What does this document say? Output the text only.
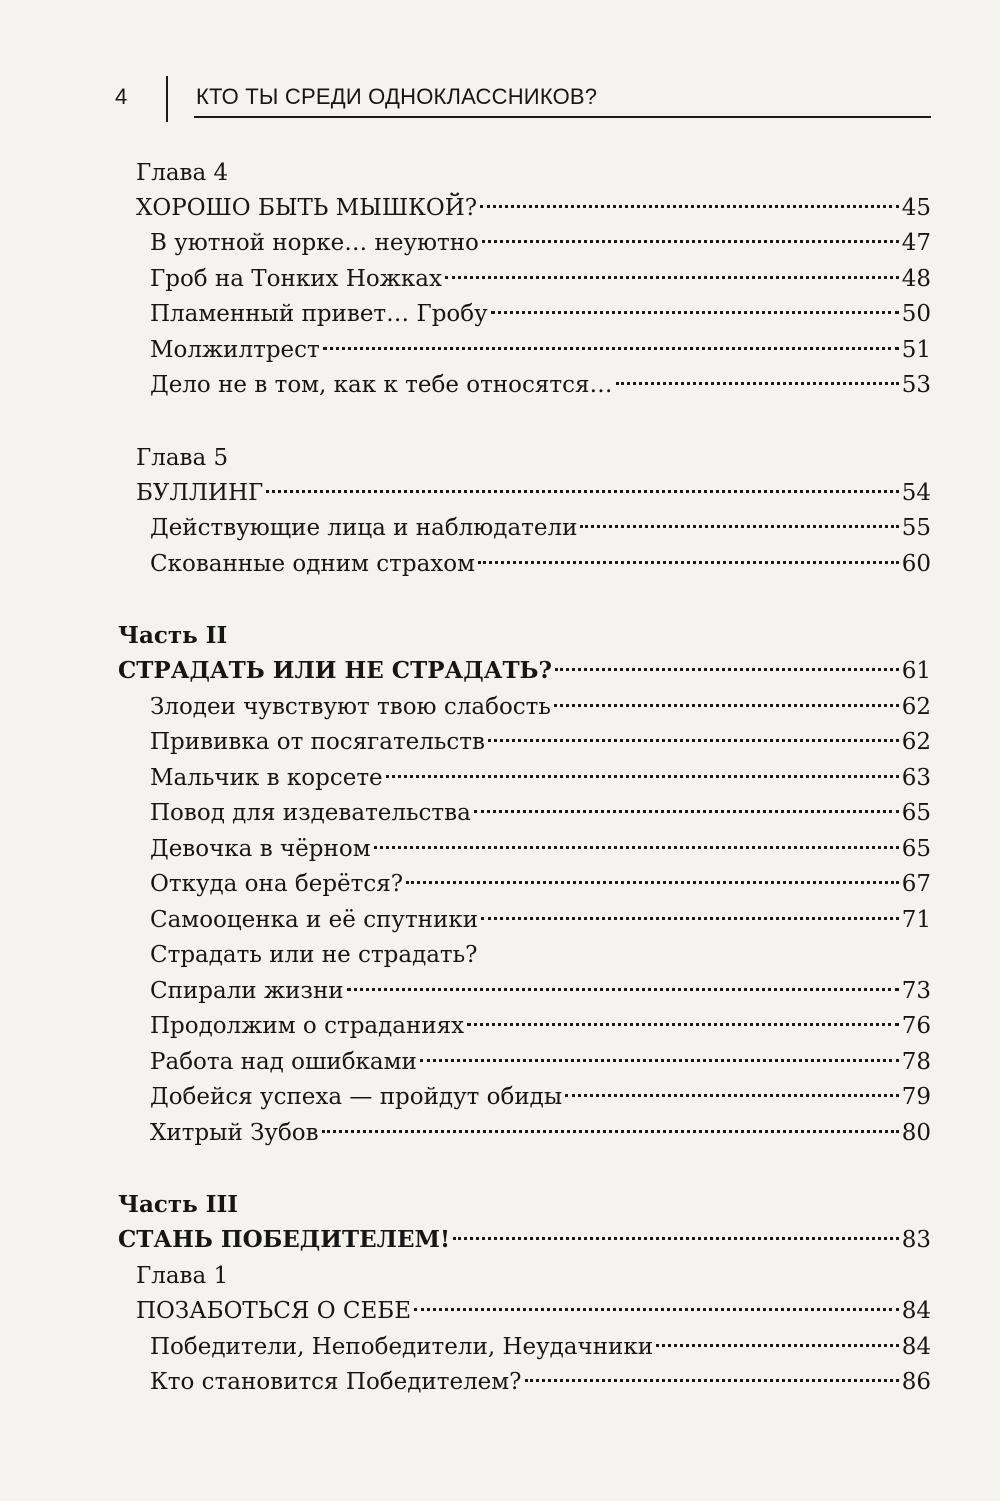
4	КТО ТЫ СРЕДИ ОДНОКЛАССНИКОВ?
Глава 4
ХОРОШО БЫТЬ МЫШКОЙ?	45
В уютной норке… неуютно	47
Гроб на Тонких Ножках	48
Пламенный привет… Гробу	50
Молжилтрест	51
Дело не в том, как к тебе относятся…	53
Глава 5
БУЛЛИНГ	54
Действующие лица и наблюдатели	55
Скованные одним страхом	60
Часть II
СТРАДАТЬ ИЛИ НЕ СТРАДАТЬ?	61
Злодеи чувствуют твою слабость	62
Прививка от посягательств	62
Мальчик в корсете	63
Повод для издевательства	65
Девочка в чёрном	65
Откуда она берётся?	67
Самооценка и её спутники	71
Страдать или не страдать?
Спирали жизни	73
Продолжим о страданиях	76
Работа над ошибками	78
Добейся успеха — пройдут обиды	79
Хитрый Зубов	80
Часть III
СТАНЬ ПОБЕДИТЕЛЕМ!	83
Глава 1
ПОЗАБОТЬСЯ О СЕБЕ	84
Победители, Непобедители, Неудачники	84
Кто становится Победителем?	86
